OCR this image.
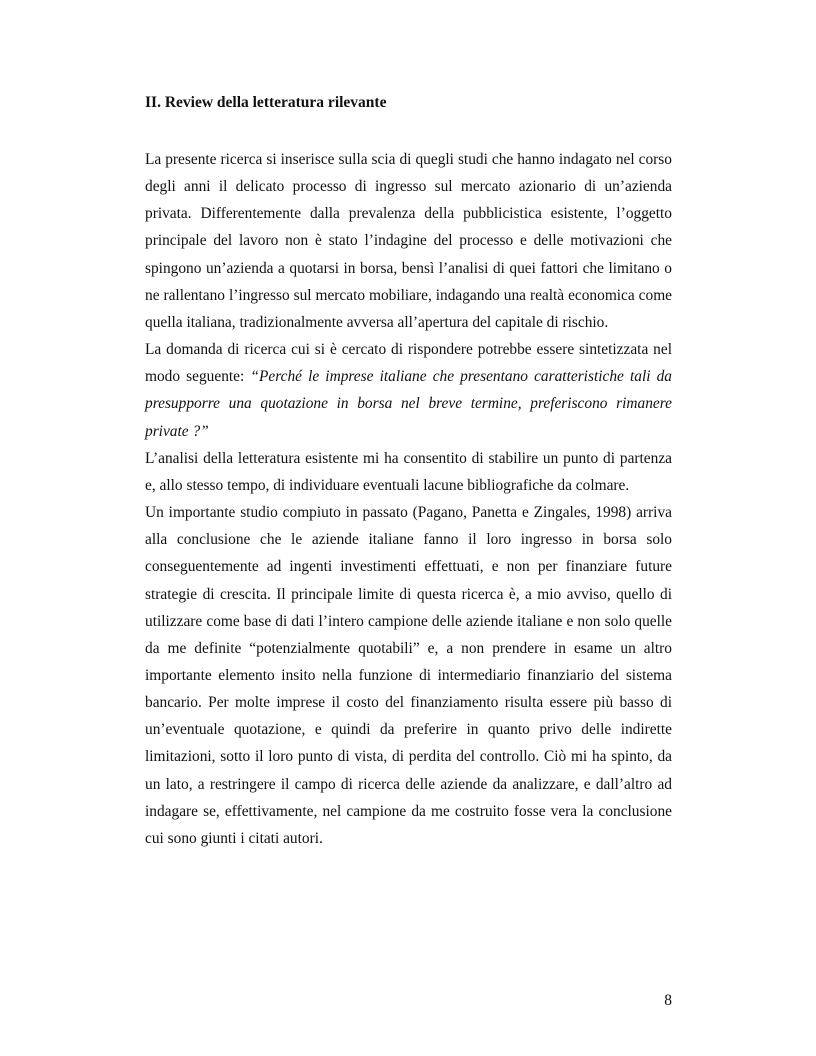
II. Review della letteratura rilevante

La presente ricerca si inserisce sulla scia di quegli studi che hanno indagato nel corso degli anni il delicato processo di ingresso sul mercato azionario di un’azienda privata. Differentemente dalla prevalenza della pubblicistica esistente, l’oggetto principale del lavoro non è stato l’indagine del processo e delle motivazioni che spingono un’azienda a quotarsi in borsa, bensì l’analisi di quei fattori che limitano o ne rallentano l’ingresso sul mercato mobiliare, indagando una realtà economica come quella italiana, tradizionalmente avversa all’apertura del capitale di rischio.

La domanda di ricerca cui si è cercato di rispondere potrebbe essere sintetizzata nel modo seguente: “Perché le imprese italiane che presentano caratteristiche tali da presupporre una quotazione in borsa nel breve termine, preferiscono rimanere private ?”

L’analisi della letteratura esistente mi ha consentito di stabilire un punto di partenza e, allo stesso tempo, di individuare eventuali lacune bibliografiche da colmare.

Un importante studio compiuto in passato (Pagano, Panetta e Zingales, 1998) arriva alla conclusione che le aziende italiane fanno il loro ingresso in borsa solo conseguentemente ad ingenti investimenti effettuati, e non per finanziare future strategie di crescita. Il principale limite di questa ricerca è, a mio avviso, quello di utilizzare come base di dati l’intero campione delle aziende italiane e non solo quelle da me definite “potenzialmente quotabili” e, a non prendere in esame un altro importante elemento insito nella funzione di intermediario finanziario del sistema bancario. Per molte imprese il costo del finanziamento risulta essere più basso di un’eventuale quotazione, e quindi da preferire in quanto privo delle indirette limitazioni, sotto il loro punto di vista, di perdita del controllo. Ciò mi ha spinto, da un lato, a restringere il campo di ricerca delle aziende da analizzare, e dall’altro ad indagare se, effettivamente, nel campione da me costruito fosse vera la conclusione cui sono giunti i citati autori.

8
